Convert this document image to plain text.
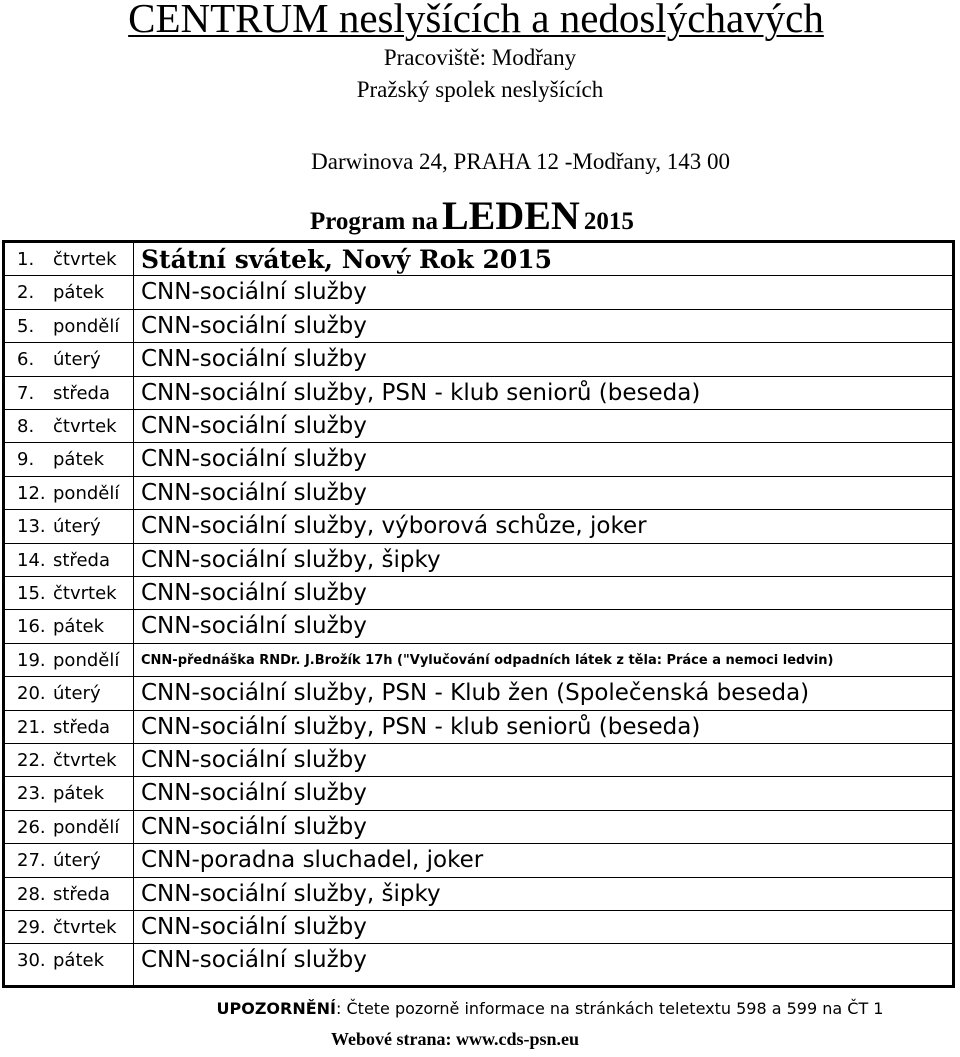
CENTRUM neslyšících a nedoslýchavých
Pracoviště: Modřany
Pražský spolek neslyšících
Darwinova 24, PRAHA 12 -Modřany, 143 00
Program na LEDEN 2015
1. čtvrtek Státní svátek, Nový Rok 2015
2. pátek CNN-sociální služby
5. pondělí CNN-sociální služby
6. úterý CNN-sociální služby
7. středa CNN-sociální služby, PSN - klub seniorů (beseda)
8. čtvrtek CNN-sociální služby
9. pátek CNN-sociální služby
12. pondělí CNN-sociální služby
13. úterý CNN-sociální služby, výborová schůze, joker
14. středa CNN-sociální služby, šipky
15. čtvrtek CNN-sociální služby
16. pátek CNN-sociální služby
19. pondělí CNN-přednáška RNDr. J.Brožík 17h ("Vylučování odpadních látek z těla: Práce a nemoci ledvin)
20. úterý CNN-sociální služby, PSN - Klub žen (Společenská beseda)
21. středa CNN-sociální služby, PSN - klub seniorů (beseda)
22. čtvrtek CNN-sociální služby
23. pátek CNN-sociální služby
26. pondělí CNN-sociální služby
27. úterý CNN-poradna sluchadel, joker
28. středa CNN-sociální služby, šipky
29. čtvrtek CNN-sociální služby
30. pátek CNN-sociální služby
UPOZORNĚNÍ: Čtete pozorně informace na stránkách teletextu 598 a 599 na ČT 1
Webové strana: www.cds-psn.eu
